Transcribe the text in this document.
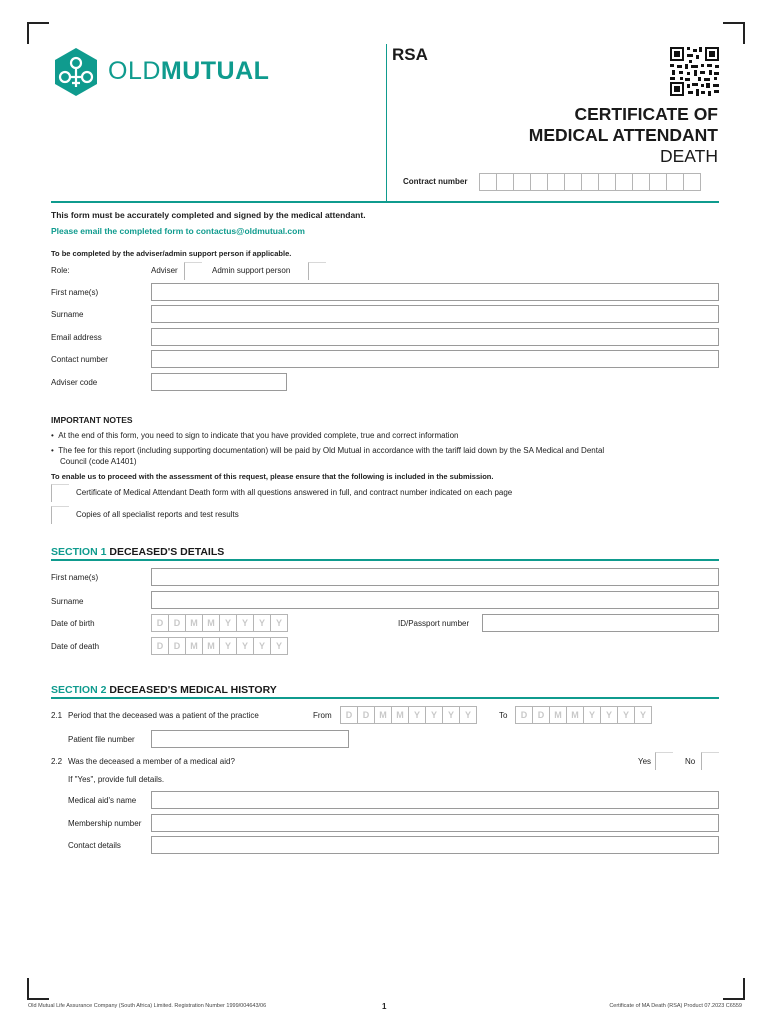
OLDMUTUAL
RSA
CERTIFICATE OF
MEDICAL ATTENDANT
DEATH
Contract number
This form must be accurately completed and signed by the medical attendant.
Please email the completed form to contactus@oldmutual.com
To be completed by the adviser/admin support person if applicable.
Role:	Adviser	Admin support person
First name(s)
Surname
Email address
Contact number
Adviser code
IMPORTANT NOTES
•  At the end of this form, you need to sign to indicate that you have provided complete, true and correct information
•  The fee for this report (including supporting documentation) will be paid by Old Mutual in accordance with the tariff laid down by the SA Medical and Dental
Council (code A1401)
To enable us to proceed with the assessment of this request, please ensure that the following is included in the submission.
Certificate of Medical Attendant Death form with all questions answered in full, and contract number indicated on each page
Copies of all specialist reports and test results
SECTION 1 DECEASED'S DETAILS
First name(s)
Surname
Date of birth	D	D	M	M	Y	Y	Y	Y	ID/Passport number
Date of death	D	D	M	M	Y	Y	Y	Y
SECTION 2 DECEASED'S MEDICAL HISTORY
2.1 Period that the deceased was a patient of the practice	From	D	D	M	M	Y	Y	Y	Y	To	D	D	M	M	Y	Y	Y	Y
Patient file number
2.2 Was the deceased a member of a medical aid?	Yes	No
If "Yes", provide full details.
Medical aid's name
Membership number
Contact details
Old Mutual Life Assurance Company (South Africa) Limited. Registration Number 1999/004643/06	1	Certificate of MA Death (RSA) Product 07.2023 C6559
